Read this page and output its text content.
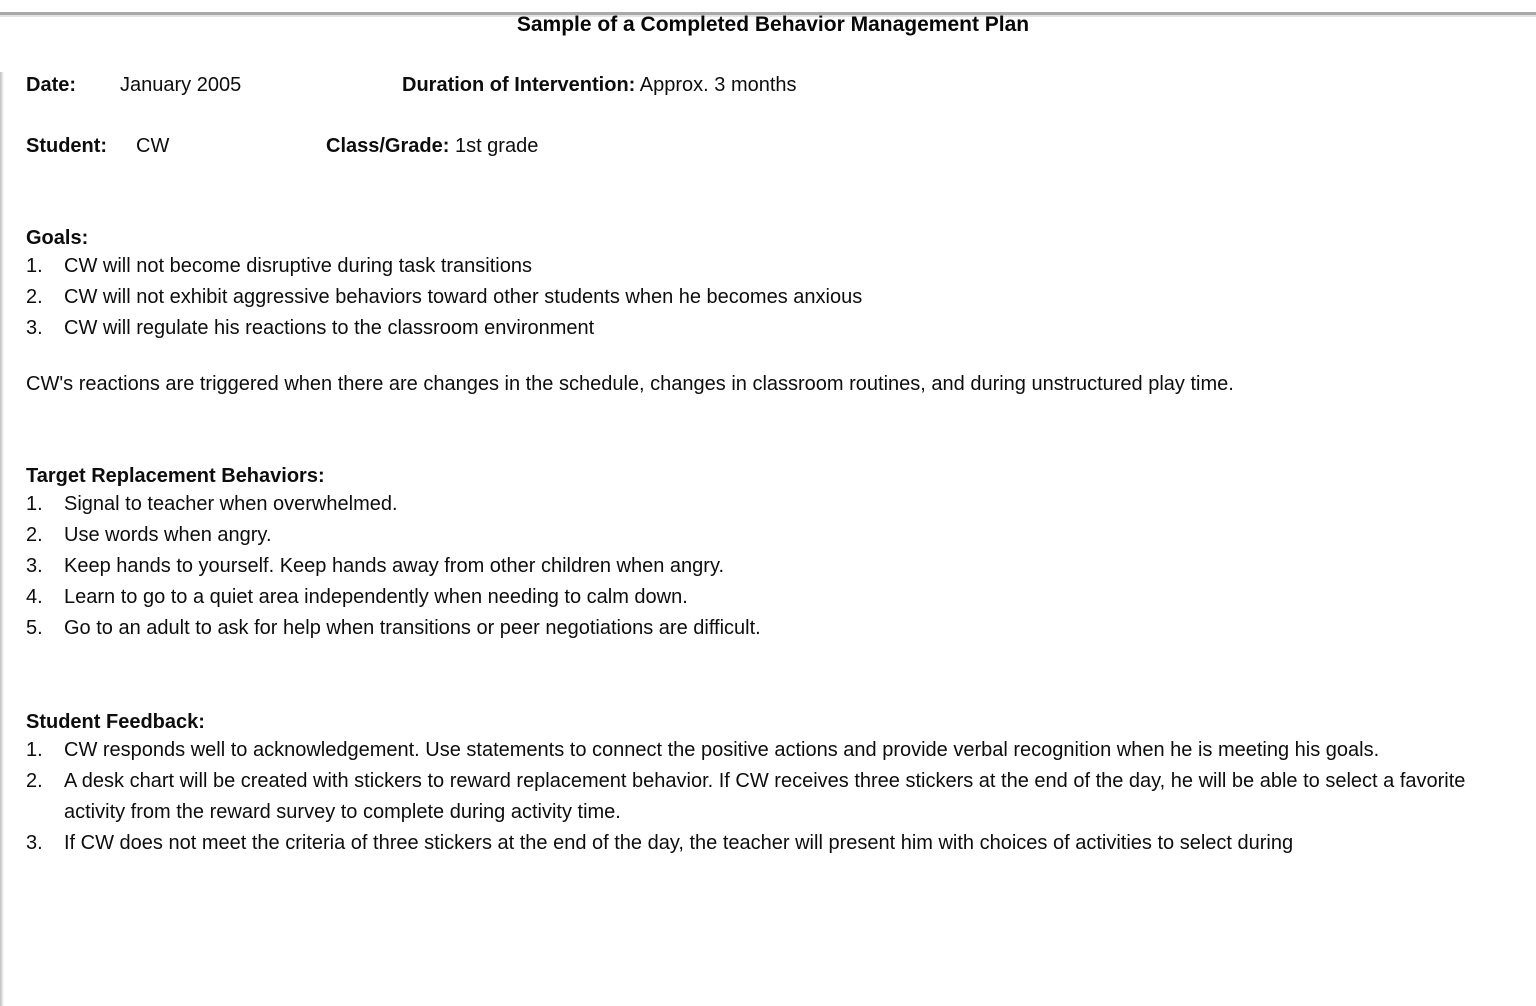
Sample of a Completed Behavior Management Plan
Date: January 2005	Duration of Intervention: Approx. 3 months
Student: CW	Class/Grade: 1st grade
Goals:
1. CW will not become disruptive during task transitions
2. CW will not exhibit aggressive behaviors toward other students when he becomes anxious
3. CW will regulate his reactions to the classroom environment

CW's reactions are triggered when there are changes in the schedule, changes in classroom routines, and during unstructured play time.

Target Replacement Behaviors:
1. Signal to teacher when overwhelmed.
2. Use words when angry.
3. Keep hands to yourself. Keep hands away from other children when angry.
4. Learn to go to a quiet area independently when needing to calm down.
5. Go to an adult to ask for help when transitions or peer negotiations are difficult.
Student Feedback:
1. CW responds well to acknowledgement. Use statements to connect the positive actions and provide verbal recognition when he is meeting his goals.
2. A desk chart will be created with stickers to reward replacement behavior. If CW receives three stickers at the end of the day, he will be able to select a favorite activity from the reward survey to complete during activity time.
3. If CW does not meet the criteria of three stickers at the end of the day, the teacher will present him with choices of activities to select during
